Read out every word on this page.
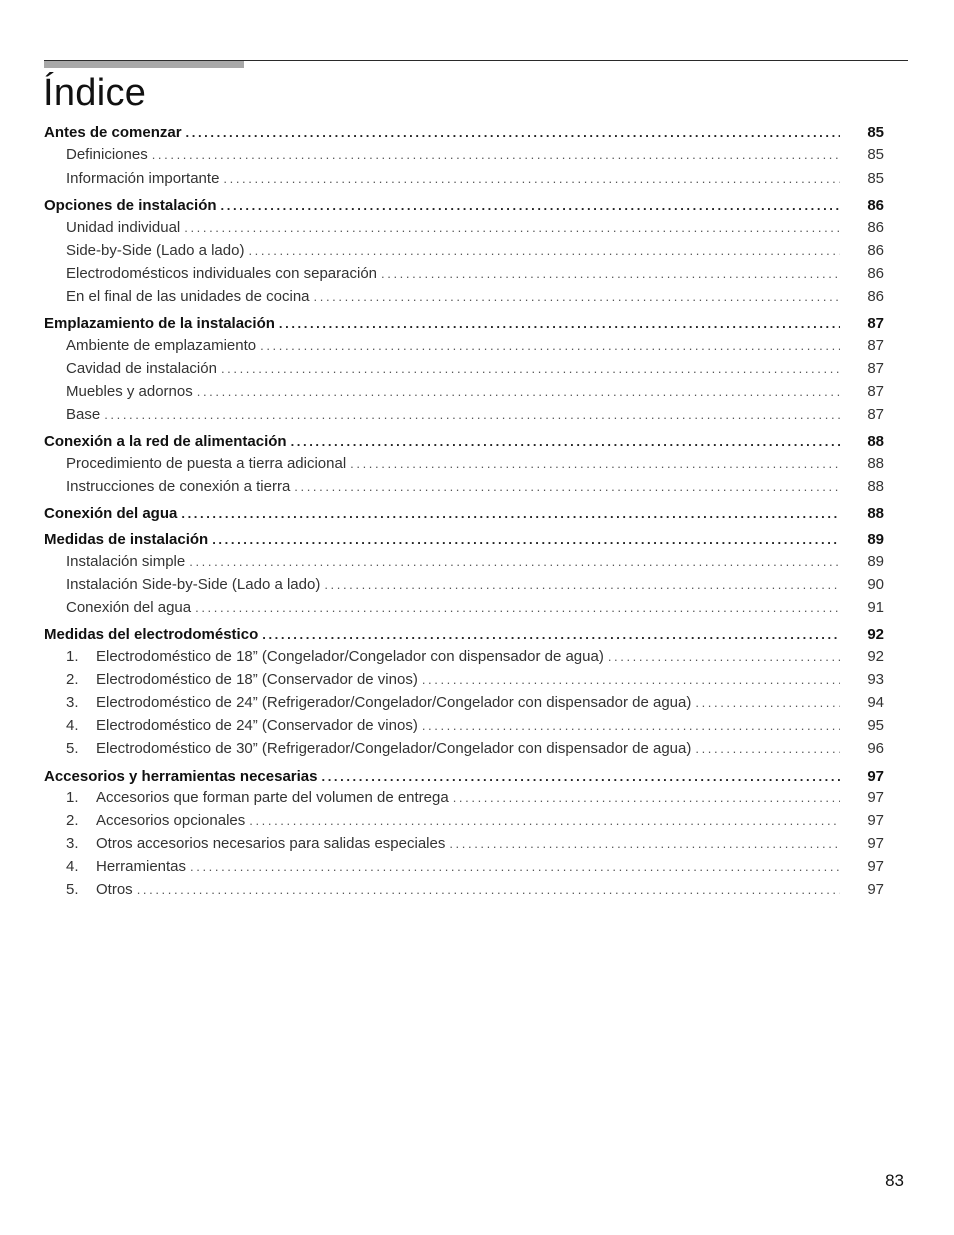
Índice
Antes de comenzar .....	85
Definiciones .....	85
Información importante .....	85
Opciones de instalación .....	86
Unidad individual .....	86
Side-by-Side (Lado a lado) .....	86
Electrodomésticos individuales con separación .....	86
En el final de las unidades de cocina .....	86
Emplazamiento de la instalación .....	87
Ambiente de emplazamiento .....	87
Cavidad de instalación .....	87
Muebles y adornos .....	87
Base .....	87
Conexión a la red de alimentación .....	88
Procedimiento de puesta a tierra adicional .....	88
Instrucciones de conexión a tierra .....	88
Conexión del agua .....	88
Medidas de instalación .....	89
Instalación simple .....	89
Instalación Side-by-Side (Lado a lado) .....	90
Conexión del agua .....	91
Medidas del electrodoméstico .....	92
1.	Electrodoméstico de 18” (Congelador/Congelador con dispensador de agua) .....	92
2.	Electrodoméstico de 18” (Conservador de vinos) .....	93
3.	Electrodoméstico de 24” (Refrigerador/Congelador/Congelador con dispensador de agua) .....	94
4.	Electrodoméstico de 24” (Conservador de vinos) .....	95
5.	Electrodoméstico de 30” (Refrigerador/Congelador/Congelador con dispensador de agua) .....	96
Accesorios y herramientas necesarias .....	97
1.	Accesorios que forman parte del volumen de entrega .....	97
2.	Accesorios opcionales .....	97
3.	Otros accesorios necesarios para salidas especiales .....	97
4.	Herramientas .....	97
5.	Otros .....	97
83
